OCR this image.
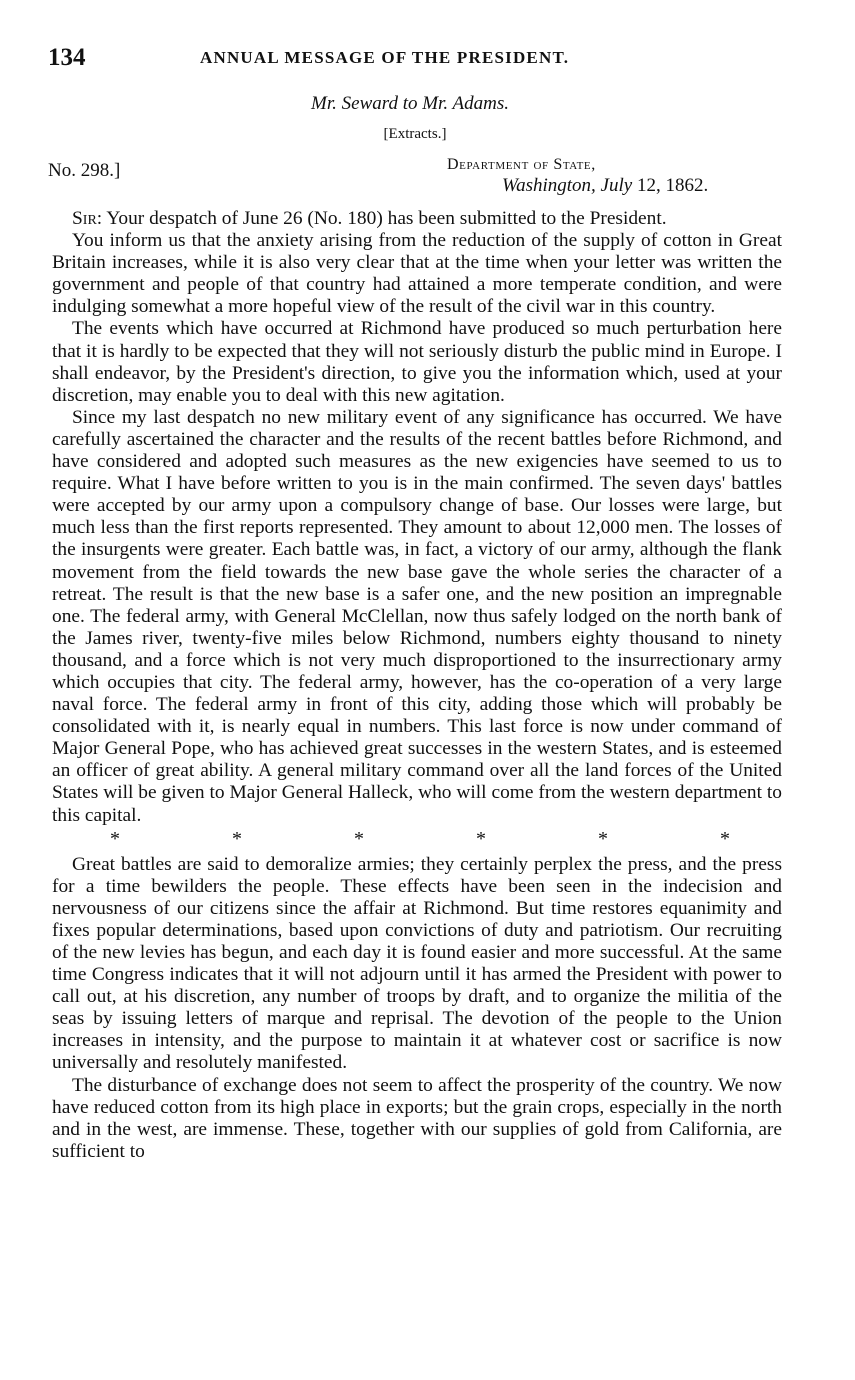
134	ANNUAL MESSAGE OF THE PRESIDENT.
Mr. Seward to Mr. Adams.
[Extracts.]
No. 298.]	Department of State,
Washington, July 12, 1862.

Sir: Your despatch of June 26 (No. 180) has been submitted to the President.

You inform us that the anxiety arising from the reduction of the supply of cotton in Great Britain increases, while it is also very clear that at the time when your letter was written the government and people of that country had attained a more temperate condition, and were indulging somewhat a more hopeful view of the result of the civil war in this country.

The events which have occurred at Richmond have produced so much perturbation here that it is hardly to be expected that they will not seriously disturb the public mind in Europe. I shall endeavor, by the President's direction, to give you the information which, used at your discretion, may enable you to deal with this new agitation.

Since my last despatch no new military event of any significance has occurred. We have carefully ascertained the character and the results of the recent battles before Richmond, and have considered and adopted such measures as the new exigencies have seemed to us to require. What I have before written to you is in the main confirmed. The seven days' battles were accepted by our army upon a compulsory change of base. Our losses were large, but much less than the first reports represented. They amount to about 12,000 men. The losses of the insurgents were greater. Each battle was, in fact, a victory of our army, although the flank movement from the field towards the new base gave the whole series the character of a retreat. The result is that the new base is a safer one, and the new position an impregnable one. The federal army, with General McClellan, now thus safely lodged on the north bank of the James river, twenty-five miles below Richmond, numbers eighty thousand to ninety thousand, and a force which is not very much disproportioned to the insurrectionary army which occupies that city. The federal army, however, has the co-operation of a very large naval force. The federal army in front of this city, adding those which will probably be consolidated with it, is nearly equal in numbers. This last force is now under command of Major General Pope, who has achieved great successes in the western States, and is esteemed an officer of great ability. A general military command over all the land forces of the United States will be given to Major General Halleck, who will come from the western department to this capital.

*	*	*	*	*	*

Great battles are said to demoralize armies; they certainly perplex the press, and the press for a time bewilders the people. These effects have been seen in the indecision and nervousness of our citizens since the affair at Richmond. But time restores equanimity and fixes popular determinations, based upon convictions of duty and patriotism. Our recruiting of the new levies has begun, and each day it is found easier and more successful. At the same time Congress indicates that it will not adjourn until it has armed the President with power to call out, at his discretion, any number of troops by draft, and to organize the militia of the seas by issuing letters of marque and reprisal. The devotion of the people to the Union increases in intensity, and the purpose to maintain it at whatever cost or sacrifice is now universally and resolutely manifested.

The disturbance of exchange does not seem to affect the prosperity of the country. We now have reduced cotton from its high place in exports; but the grain crops, especially in the north and in the west, are immense. These, together with our supplies of gold from California, are sufficient to
